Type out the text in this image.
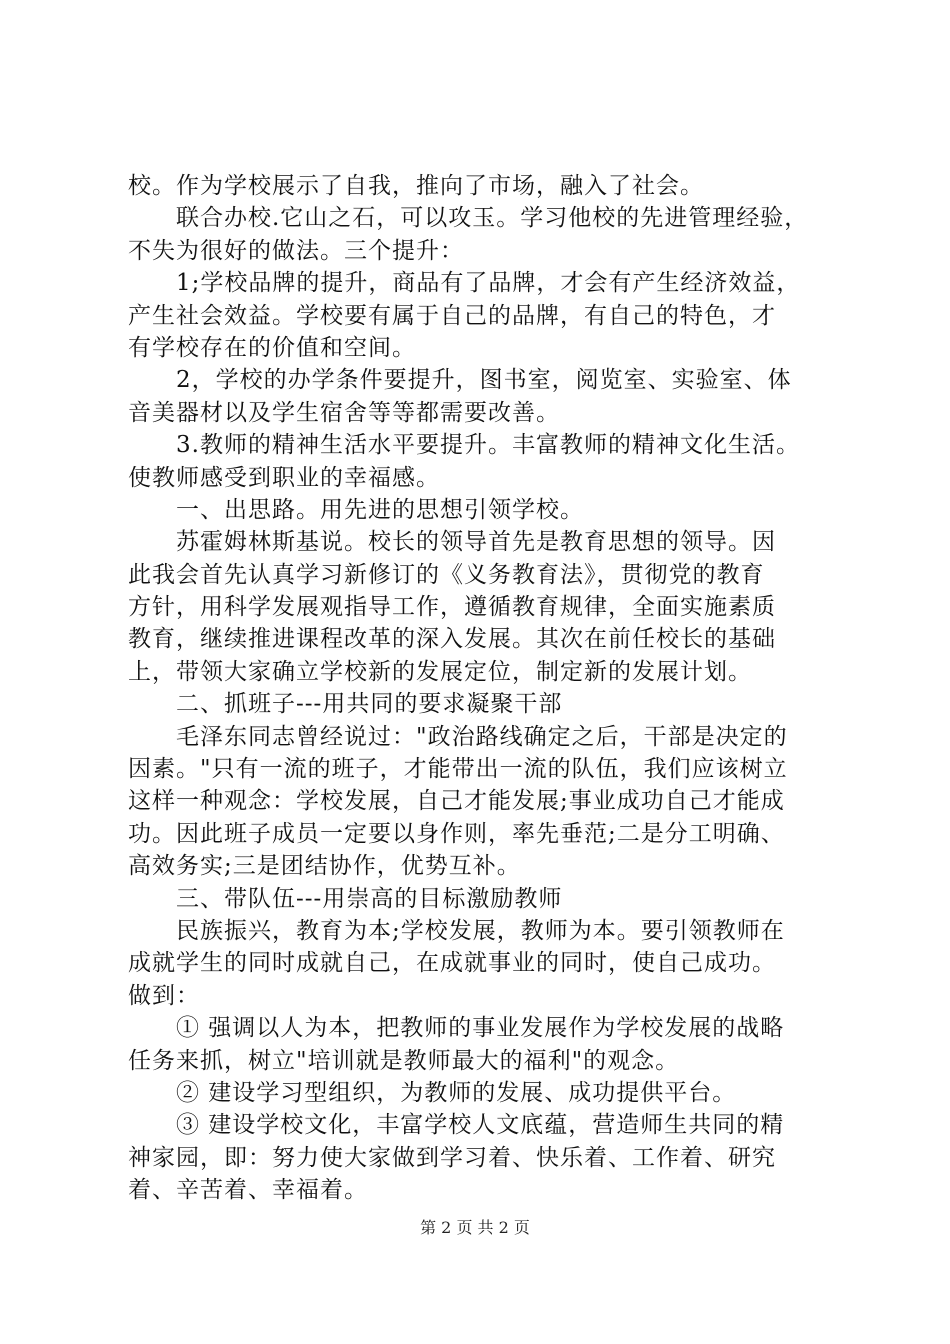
校。作为学校展示了自我，推向了市场，融入了社会。
联合办校.它山之石，可以攻玉。学习他校的先进管理经验，
不失为很好的做法。三个提升：
1;学校品牌的提升，商品有了品牌，才会有产生经济效益，
产生社会效益。学校要有属于自己的品牌，有自己的特色，才
有学校存在的价值和空间。
2，学校的办学条件要提升，图书室，阅览室、实验室、体
音美器材以及学生宿舍等等都需要改善。
3.教师的精神生活水平要提升。丰富教师的精神文化生活。
使教师感受到职业的幸福感。
一、出思路。用先进的思想引领学校。
苏霍姆林斯基说。校长的领导首先是教育思想的领导。因
此我会首先认真学习新修订的《义务教育法》，贯彻党的教育
方针，用科学发展观指导工作，遵循教育规律，全面实施素质
教育，继续推进课程改革的深入发展。其次在前任校长的基础
上，带领大家确立学校新的发展定位，制定新的发展计划。
二、抓班子---用共同的要求凝聚干部
毛泽东同志曾经说过："政治路线确定之后，干部是决定的
因素。"只有一流的班子，才能带出一流的队伍，我们应该树立
这样一种观念：学校发展，自己才能发展;事业成功自己才能成
功。因此班子成员一定要以身作则，率先垂范;二是分工明确、
高效务实;三是团结协作，优势互补。
三、带队伍---用崇高的目标激励教师
民族振兴，教育为本;学校发展，教师为本。要引领教师在
成就学生的同时成就自己，在成就事业的同时，使自己成功。
做到：
① 强调以人为本，把教师的事业发展作为学校发展的战略
任务来抓，树立"培训就是教师最大的福利"的观念。
② 建设学习型组织，为教师的发展、成功提供平台。
③ 建设学校文化，丰富学校人文底蕴，营造师生共同的精
神家园，即：努力使大家做到学习着、快乐着、工作着、研究
着、辛苦着、幸福着。
第 2 页 共 2 页
